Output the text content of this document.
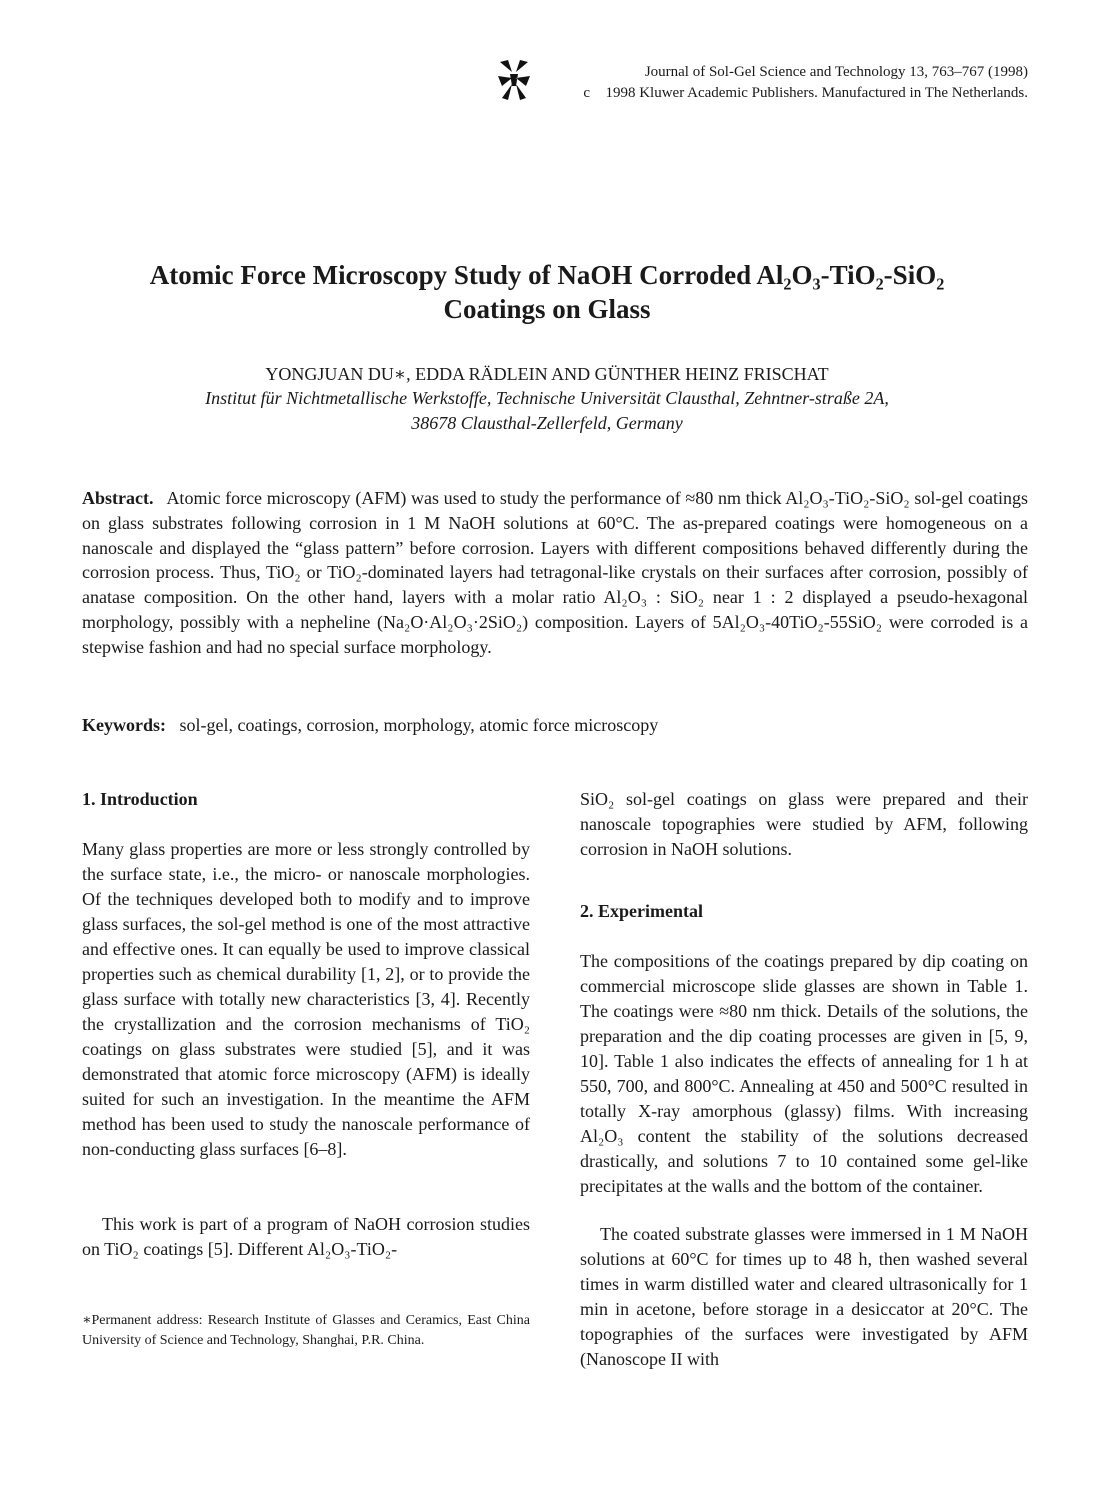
Journal of Sol-Gel Science and Technology 13, 763–767 (1998)
c⃝ 1998 Kluwer Academic Publishers. Manufactured in The Netherlands.
Atomic Force Microscopy Study of NaOH Corroded Al₂O₃-TiO₂-SiO₂
Coatings on Glass
YONGJUAN DU∗, EDDA RÄDLEIN AND GÜNTHER HEINZ FRISCHAT
Institut für Nichtmetallische Werkstoffe, Technische Universität Clausthal, Zehntner-straße 2A,
38678 Clausthal-Zellerfeld, Germany
Abstract. Atomic force microscopy (AFM) was used to study the performance of ≈80 nm thick Al₂O₃-TiO₂-SiO₂ sol-gel coatings on glass substrates following corrosion in 1 M NaOH solutions at 60°C. The as-prepared coatings were homogeneous on a nanoscale and displayed the “glass pattern” before corrosion. Layers with different compositions behaved differently during the corrosion process. Thus, TiO₂ or TiO₂-dominated layers had tetragonal-like crystals on their surfaces after corrosion, possibly of anatase composition. On the other hand, layers with a molar ratio Al₂O₃ : SiO₂ near 1 : 2 displayed a pseudo-hexagonal morphology, possibly with a nepheline (Na₂O·Al₂O₃·2SiO₂) composition. Layers of 5Al₂O₃-40TiO₂-55SiO₂ were corroded is a stepwise fashion and had no special surface morphology.
Keywords: sol-gel, coatings, corrosion, morphology, atomic force microscopy
1. Introduction
Many glass properties are more or less strongly controlled by the surface state, i.e., the micro- or nanoscale morphologies. Of the techniques developed both to modify and to improve glass surfaces, the sol-gel method is one of the most attractive and effective ones. It can equally be used to improve classical properties such as chemical durability [1, 2], or to provide the glass surface with totally new characteristics [3, 4]. Recently the crystallization and the corrosion mechanisms of TiO₂ coatings on glass substrates were studied [5], and it was demonstrated that atomic force microscopy (AFM) is ideally suited for such an investigation. In the meantime the AFM method has been used to study the nanoscale performance of non-conducting glass surfaces [6–8].
This work is part of a program of NaOH corrosion studies on TiO₂ coatings [5]. Different Al₂O₃-TiO₂-
∗Permanent address: Research Institute of Glasses and Ceramics, East China University of Science and Technology, Shanghai, P.R. China.
SiO₂ sol-gel coatings on glass were prepared and their nanoscale topographies were studied by AFM, following corrosion in NaOH solutions.
2. Experimental
The compositions of the coatings prepared by dip coating on commercial microscope slide glasses are shown in Table 1. The coatings were ≈80 nm thick. Details of the solutions, the preparation and the dip coating processes are given in [5, 9, 10]. Table 1 also indicates the effects of annealing for 1 h at 550, 700, and 800°C. Annealing at 450 and 500°C resulted in totally X-ray amorphous (glassy) films. With increasing Al₂O₃ content the stability of the solutions decreased drastically, and solutions 7 to 10 contained some gel-like precipitates at the walls and the bottom of the container.
The coated substrate glasses were immersed in 1 M NaOH solutions at 60°C for times up to 48 h, then washed several times in warm distilled water and cleared ultrasonically for 1 min in acetone, before storage in a desiccator at 20°C. The topographies of the surfaces were investigated by AFM (Nanoscope II with
